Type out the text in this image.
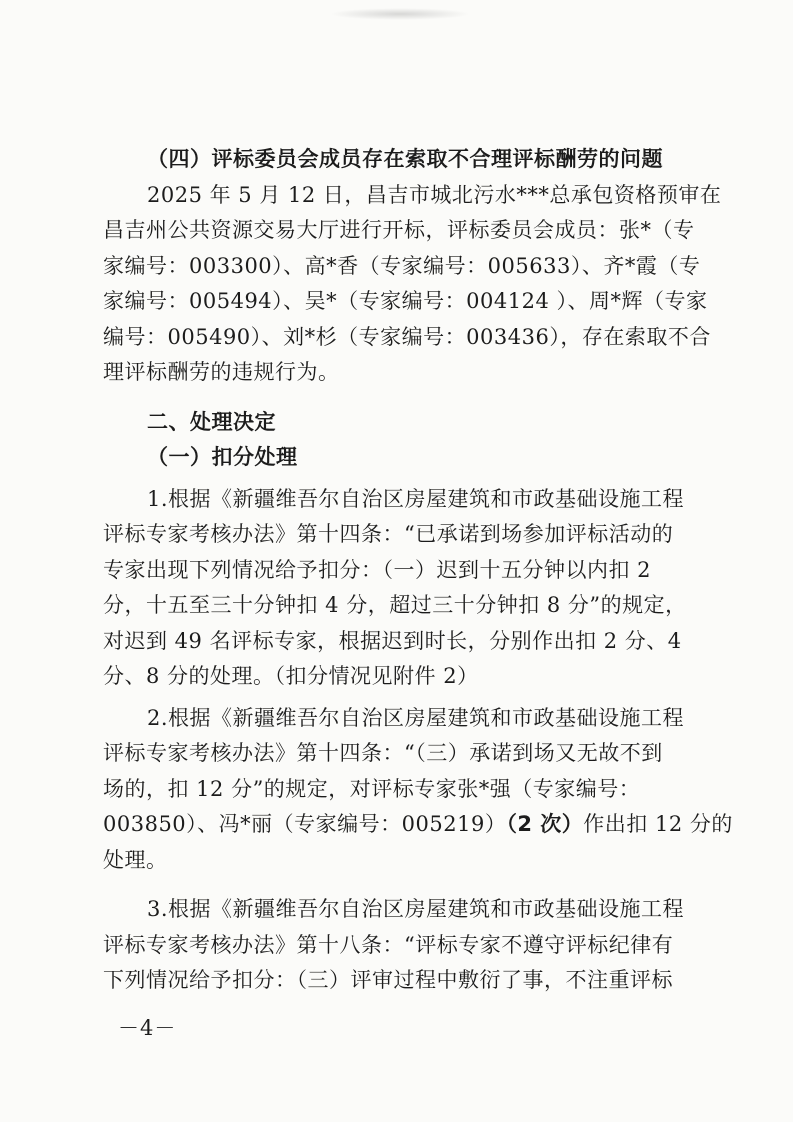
（四）评标委员会成员存在索取不合理评标酬劳的问题

2025 年 5 月 12 日，昌吉市城北污水***总承包资格预审在

昌吉州公共资源交易大厅进行开标，评标委员会成员：张*（专

家编号：003300）、高*香（专家编号：005633）、齐*霞（专

家编号：005494）、吴*（专家编号：004124 ）、周*辉（专家

编号：005490）、刘*杉（专家编号：003436），存在索取不合

理评标酬劳的违规行为。

二、处理决定

（一）扣分处理

1.根据《新疆维吾尔自治区房屋建筑和市政基础设施工程

评标专家考核办法》第十四条：“已承诺到场参加评标活动的

专家出现下列情况给予扣分：（一）迟到十五分钟以内扣 2

分，十五至三十分钟扣 4 分，超过三十分钟扣 8 分”的规定，

对迟到 49 名评标专家，根据迟到时长，分别作出扣 2 分、4

分、8 分的处理。（扣分情况见附件 2）

2.根据《新疆维吾尔自治区房屋建筑和市政基础设施工程

评标专家考核办法》第十四条：“（三）承诺到场又无故不到

场的，扣 12 分”的规定，对评标专家张*强（专家编号：

003850）、冯*丽（专家编号：005219）（2 次）作出扣 12 分的

处理。

3.根据《新疆维吾尔自治区房屋建筑和市政基础设施工程

评标专家考核办法》第十八条：“评标专家不遵守评标纪律有

下列情况给予扣分：（三）评审过程中敷衍了事，不注重评标

－4－
